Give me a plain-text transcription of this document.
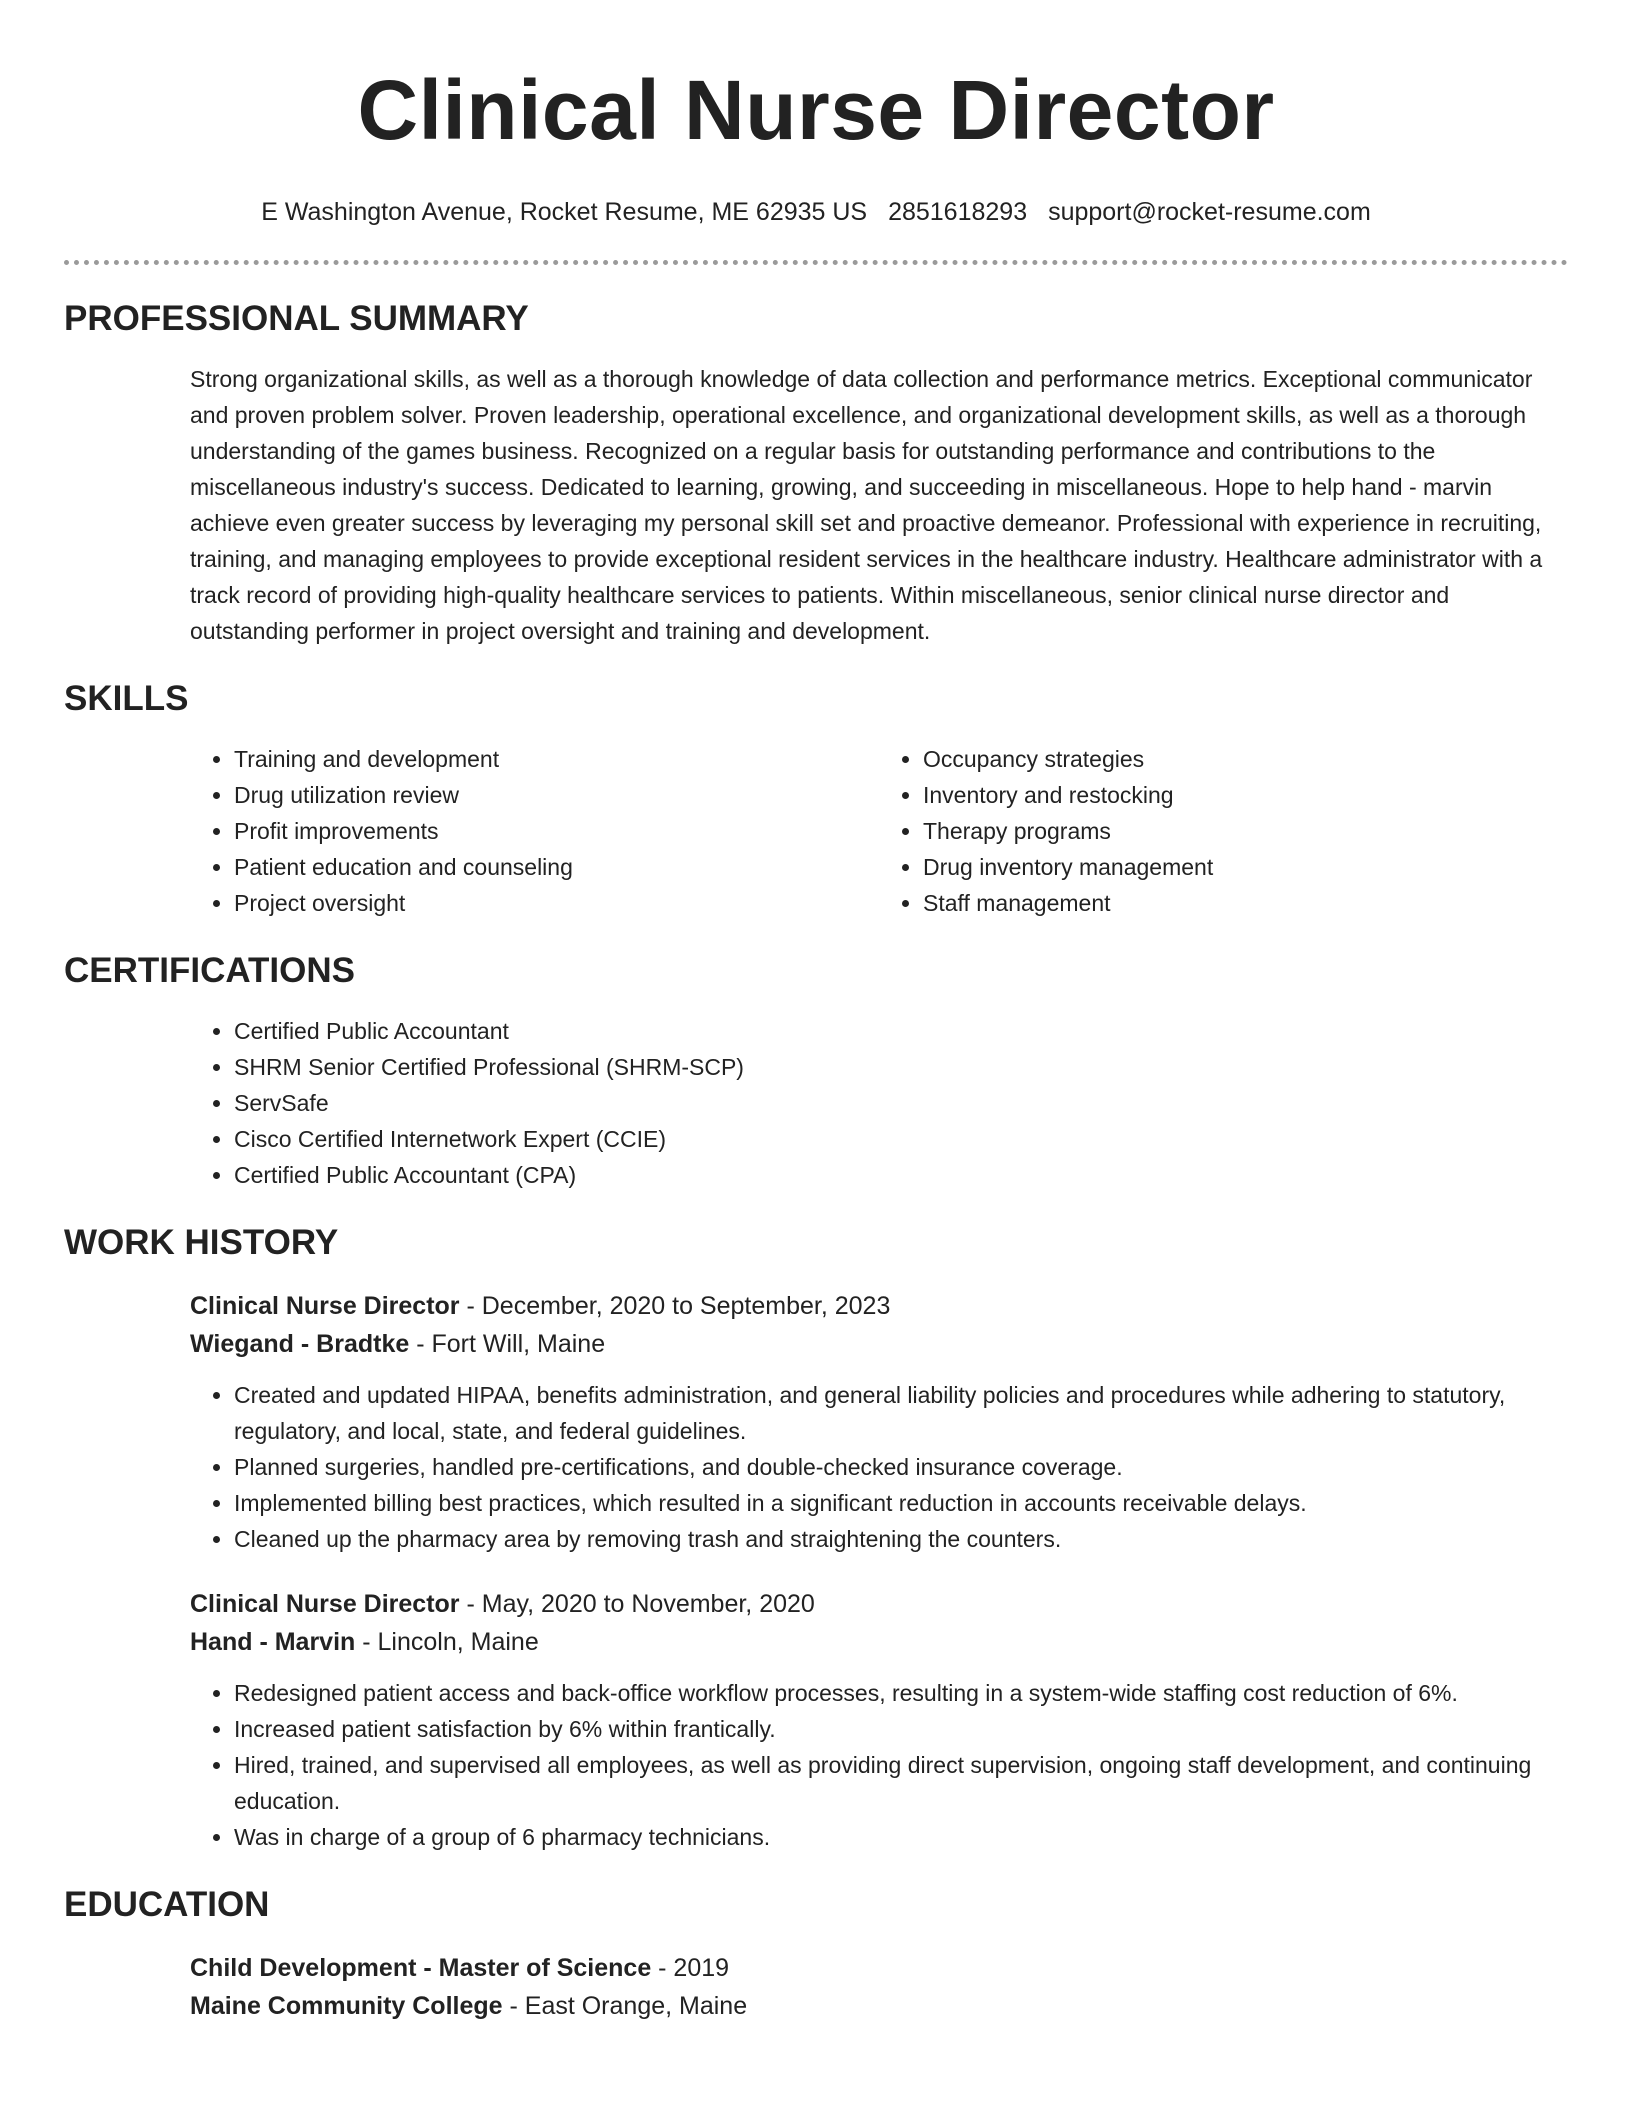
Clinical Nurse Director
E Washington Avenue, Rocket Resume, ME 62935 US 2851618293 support@rocket-resume.com
PROFESSIONAL SUMMARY

Strong organizational skills, as well as a thorough knowledge of data collection and performance metrics. Exceptional communicator and proven problem solver. Proven leadership, operational excellence, and organizational development skills, as well as a thorough understanding of the games business. Recognized on a regular basis for outstanding performance and contributions to the miscellaneous industry's success. Dedicated to learning, growing, and succeeding in miscellaneous. Hope to help hand - marvin achieve even greater success by leveraging my personal skill set and proactive demeanor. Professional with experience in recruiting, training, and managing employees to provide exceptional resident services in the healthcare industry. Healthcare administrator with a track record of providing high-quality healthcare services to patients. Within miscellaneous, senior clinical nurse director and outstanding performer in project oversight and training and development.

SKILLS
• Training and development
• Drug utilization review
• Profit improvements
• Patient education and counseling
• Project oversight
• Occupancy strategies
• Inventory and restocking
• Therapy programs
• Drug inventory management
• Staff management
CERTIFICATIONS
• Certified Public Accountant
• SHRM Senior Certified Professional (SHRM-SCP)
• ServSafe
• Cisco Certified Internetwork Expert (CCIE)
• Certified Public Accountant (CPA)
WORK HISTORY
Clinical Nurse Director - December, 2020 to September, 2023
Wiegand - Bradtke - Fort Will, Maine
• Created and updated HIPAA, benefits administration, and general liability policies and procedures while adhering to statutory, regulatory, and local, state, and federal guidelines.
• Planned surgeries, handled pre-certifications, and double-checked insurance coverage.
• Implemented billing best practices, which resulted in a significant reduction in accounts receivable delays.
• Cleaned up the pharmacy area by removing trash and straightening the counters.
Clinical Nurse Director - May, 2020 to November, 2020
Hand - Marvin - Lincoln, Maine
• Redesigned patient access and back-office workflow processes, resulting in a system-wide staffing cost reduction of 6%.
• Increased patient satisfaction by 6% within frantically.
• Hired, trained, and supervised all employees, as well as providing direct supervision, ongoing staff development, and continuing education.
• Was in charge of a group of 6 pharmacy technicians.
EDUCATION
Child Development - Master of Science - 2019
Maine Community College - East Orange, Maine
